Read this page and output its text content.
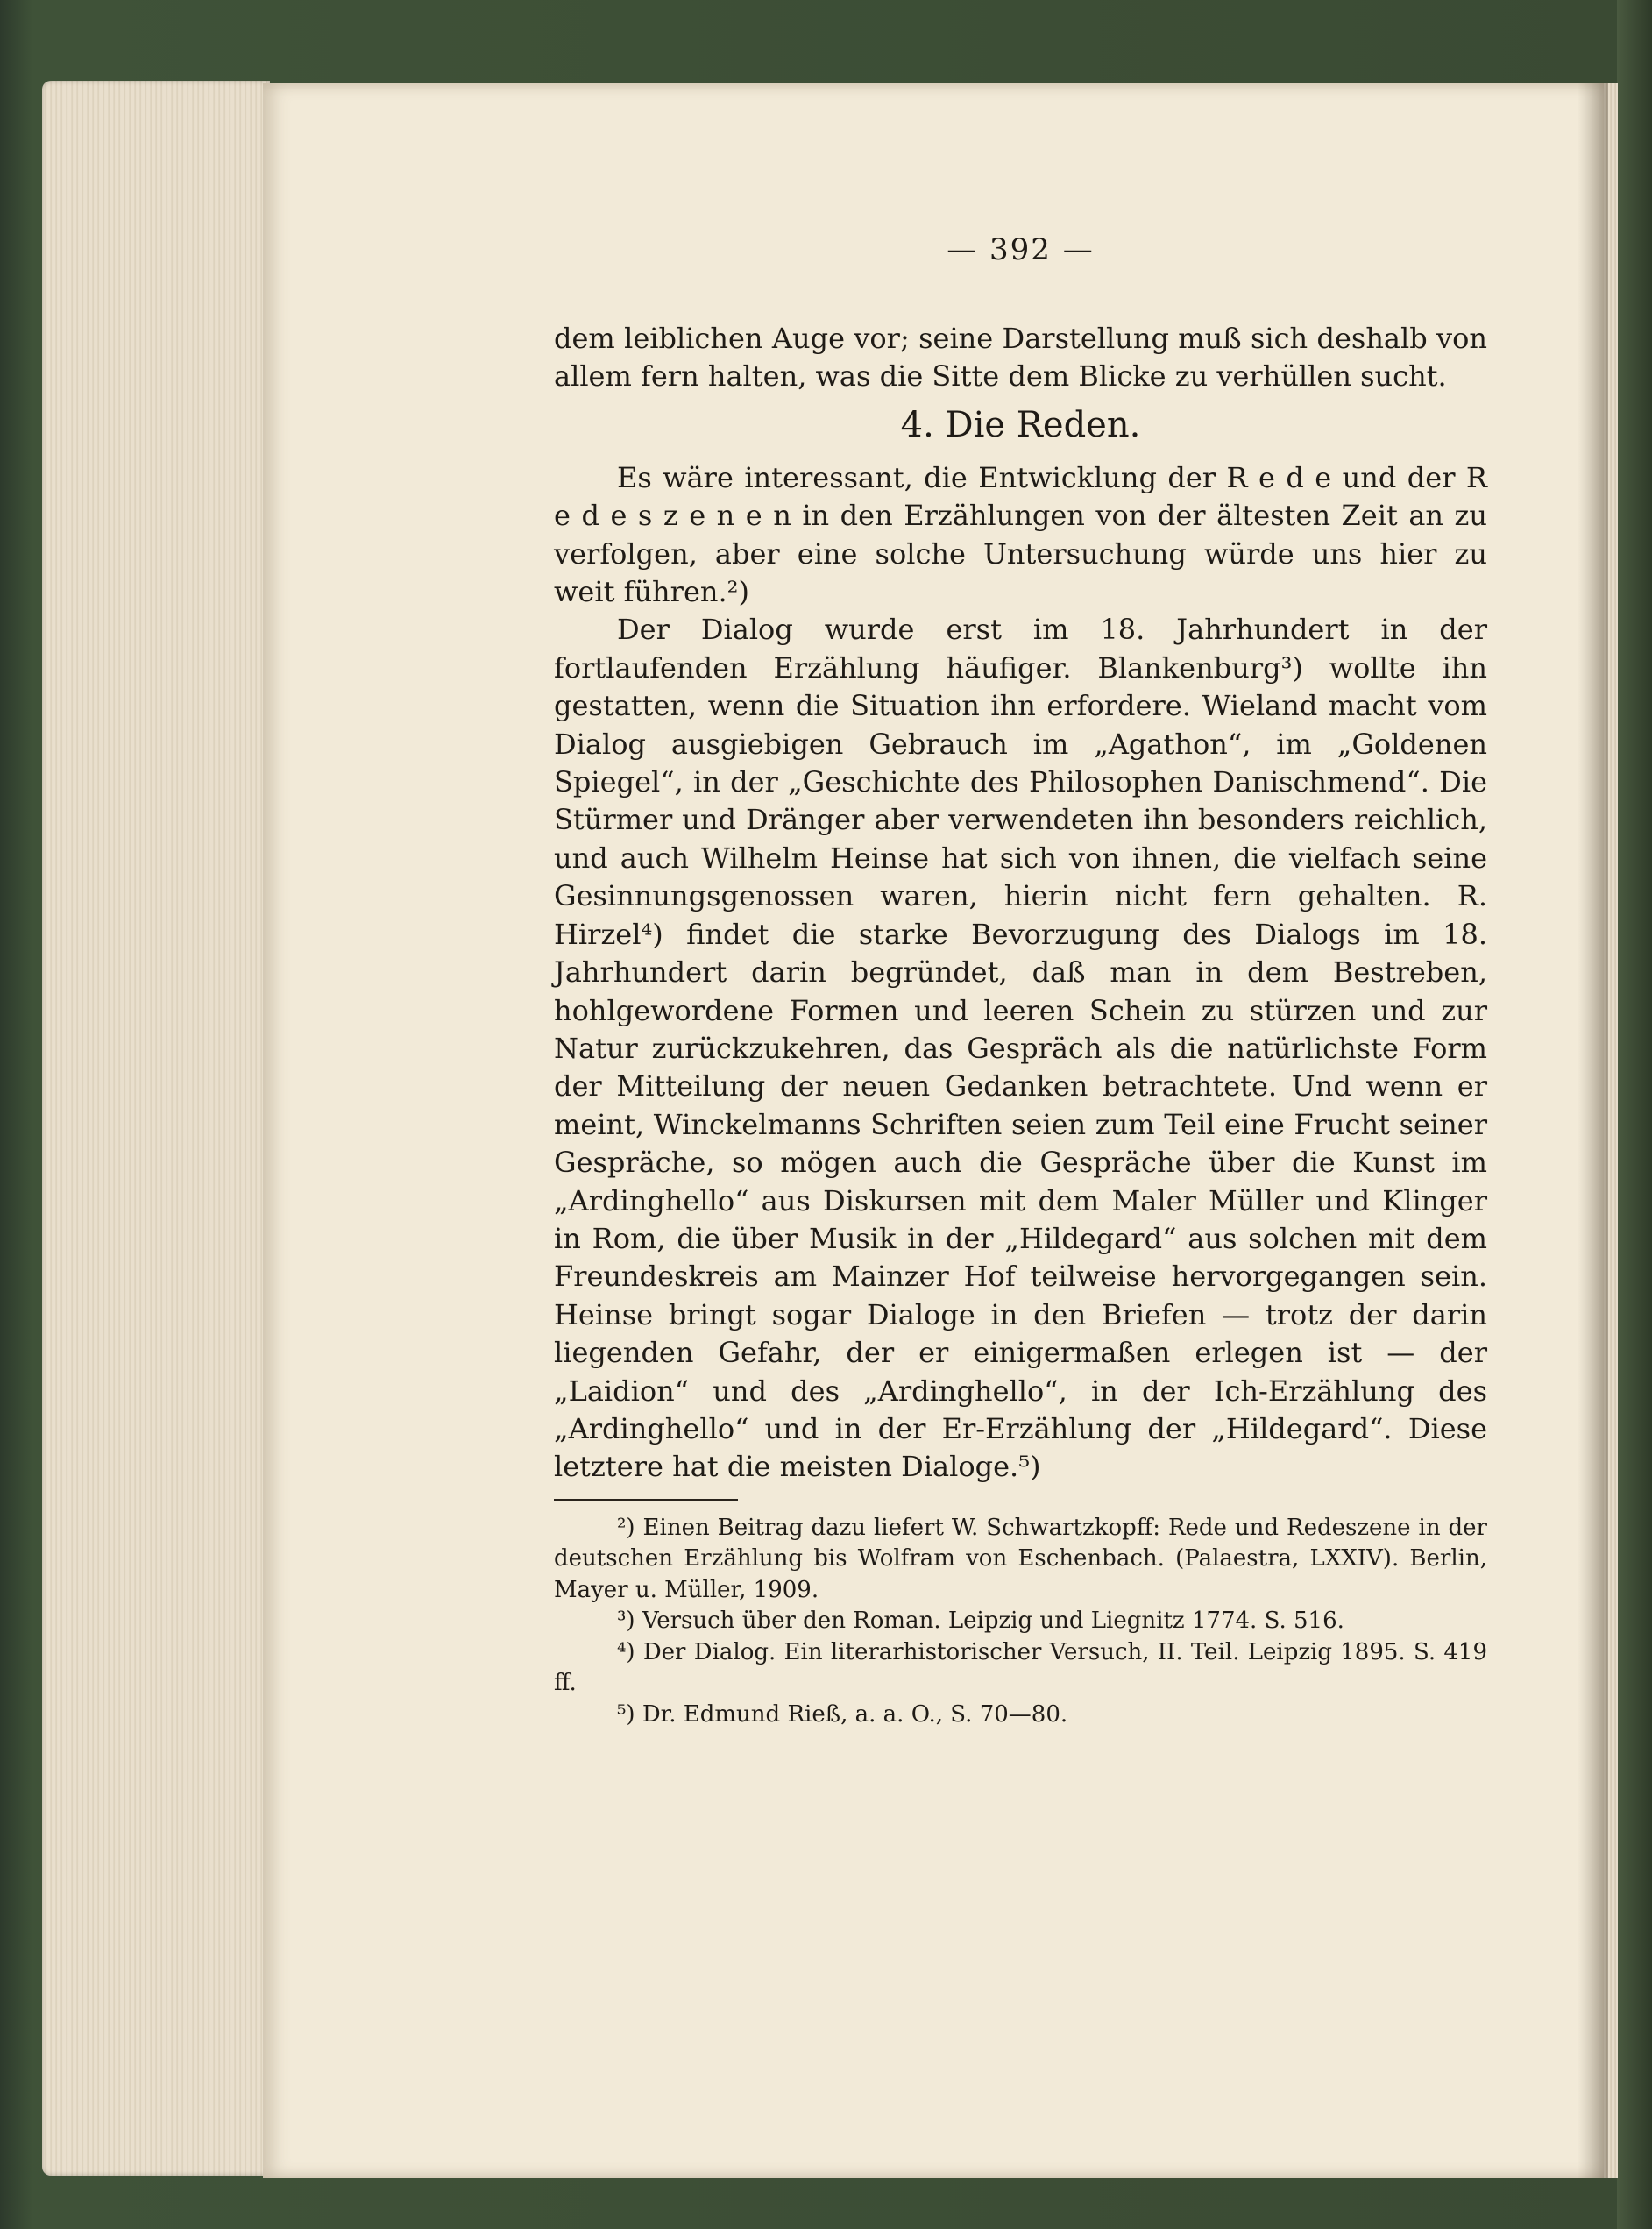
— 392 —

dem leiblichen Auge vor; seine Darstellung muß sich deshalb von allem fern halten, was die Sitte dem Blicke zu verhüllen sucht.

4. Die Reden.

Es wäre interessant, die Entwicklung der R e d e und der R e d e s z e n e n in den Erzählungen von der ältesten Zeit an zu verfolgen, aber eine solche Untersuchung würde uns hier zu weit führen.²)

Der Dialog wurde erst im 18. Jahrhundert in der fortlaufenden Erzählung häufiger. Blankenburg³) wollte ihn gestatten, wenn die Situation ihn erfordere. Wieland macht vom Dialog ausgiebigen Gebrauch im „Agathon“, im „Goldenen Spiegel“, in der „Geschichte des Philosophen Danischmend“. Die Stürmer und Dränger aber verwendeten ihn besonders reichlich, und auch Wilhelm Heinse hat sich von ihnen, die vielfach seine Gesinnungsgenossen waren, hierin nicht fern gehalten. R. Hirzel⁴) findet die starke Bevorzugung des Dialogs im 18. Jahrhundert darin begründet, daß man in dem Bestreben, hohlgewordene Formen und leeren Schein zu stürzen und zur Natur zurückzukehren, das Gespräch als die natürlichste Form der Mitteilung der neuen Gedanken betrachtete. Und wenn er meint, Winckelmanns Schriften seien zum Teil eine Frucht seiner Gespräche, so mögen auch die Gespräche über die Kunst im „Ardinghello“ aus Diskursen mit dem Maler Müller und Klinger in Rom, die über Musik in der „Hildegard“ aus solchen mit dem Freundeskreis am Mainzer Hof teilweise hervorgegangen sein. Heinse bringt sogar Dialoge in den Briefen — trotz der darin liegenden Gefahr, der er einigermaßen erlegen ist — der „Laidion“ und des „Ardinghello“, in der Ich-Erzählung des „Ardinghello“ und in der Er-Erzählung der „Hildegard“. Diese letztere hat die meisten Dialoge.⁵)

²) Einen Beitrag dazu liefert W. Schwartzkopff: Rede und Redeszene in der deutschen Erzählung bis Wolfram von Eschenbach. (Palaestra, LXXIV). Berlin, Mayer u. Müller, 1909.

³) Versuch über den Roman. Leipzig und Liegnitz 1774. S. 516.

⁴) Der Dialog. Ein literarhistorischer Versuch, II. Teil. Leipzig 1895. S. 419 ff.

⁵) Dr. Edmund Rieß, a. a. O., S. 70—80.
